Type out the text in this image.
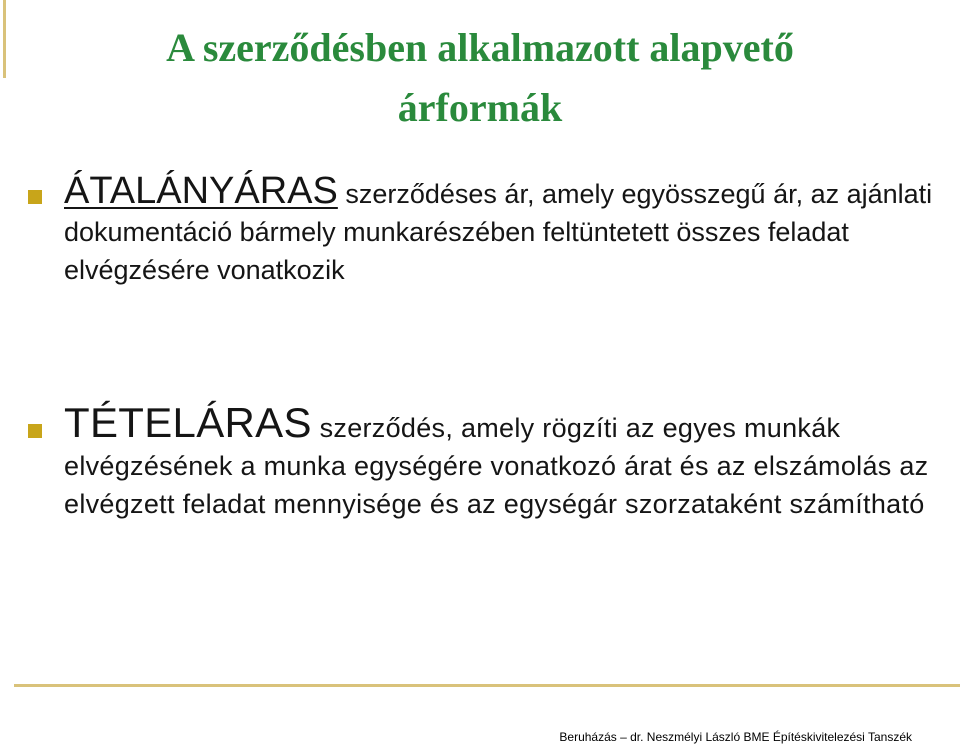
A szerződésben alkalmazott alapvető
árformák

ÁTALÁNYÁRAS szerződéses ár, amely egyösszegű ár, az ajánlati dokumentáció bármely munkarészében feltüntetett összes feladat elvégzésére vonatkozik

TÉTELÁRAS szerződés, amely rögzíti az egyes munkák elvégzésének a munka egységére vonatkozó árat és az elszámolás az elvégzett feladat mennyisége és az egységár szorzataként számítható

Beruházás – dr. Neszmélyi László BME Építéskivitelezési Tanszék
